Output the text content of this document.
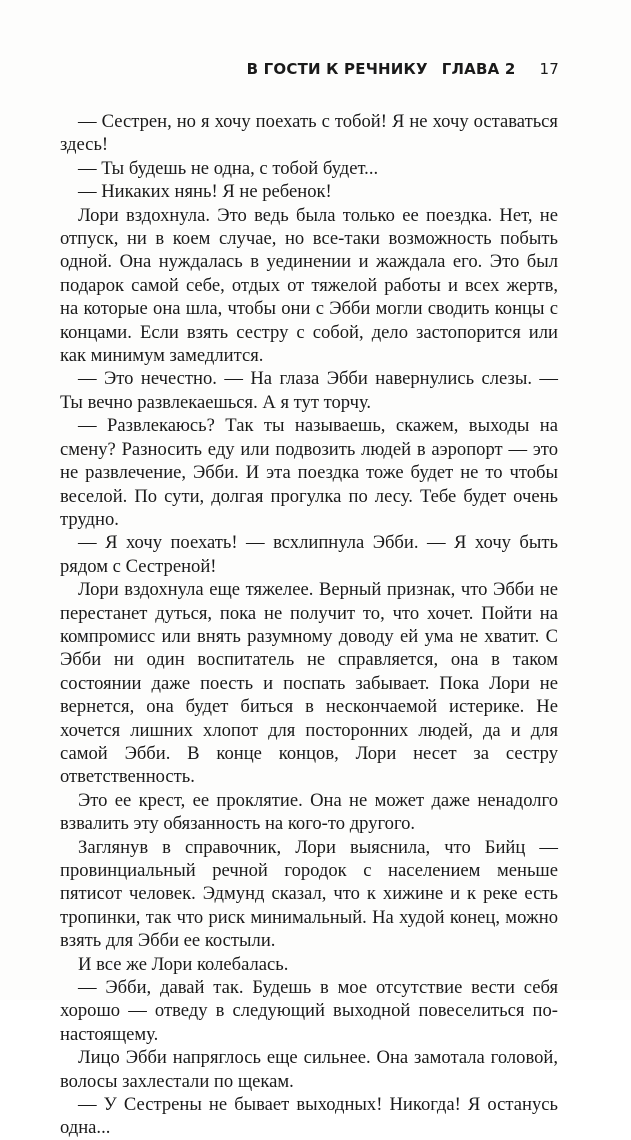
В ГОСТИ К РЕЧНИКУ ГЛАВА 2 17

— Сестрен, но я хочу поехать с тобой! Я не хочу оставаться здесь!

— Ты будешь не одна, с тобой будет...

— Никаких нянь! Я не ребенок!

Лори вздохнула. Это ведь была только ее поездка. Нет, не отпуск, ни в коем случае, но все-таки возможность побыть одной. Она нуждалась в уединении и жаждала его. Это был подарок самой себе, отдых от тяжелой работы и всех жертв, на которые она шла, чтобы они с Эбби могли сводить концы с концами. Если взять сестру с собой, дело застопорится или как минимум замедлится.

— Это нечестно. — На глаза Эбби навернулись слезы. — Ты вечно развлекаешься. А я тут торчу.

— Развлекаюсь? Так ты называешь, скажем, выходы на смену? Разносить еду или подвозить людей в аэропорт — это не развлечение, Эбби. И эта поездка тоже будет не то чтобы веселой. По сути, долгая прогулка по лесу. Тебе будет очень трудно.

— Я хочу поехать! — всхлипнула Эбби. — Я хочу быть рядом с Сестреной!

Лори вздохнула еще тяжелее. Верный признак, что Эбби не перестанет дуться, пока не получит то, что хочет. Пойти на компромисс или внять разумному доводу ей ума не хватит. С Эбби ни один воспитатель не справляется, она в таком состоянии даже поесть и поспать забывает. Пока Лори не вернется, она будет биться в нескончаемой истерике. Не хочется лишних хлопот для посторонних людей, да и для самой Эбби. В конце концов, Лори несет за сестру ответственность.

Это ее крест, ее проклятие. Она не может даже ненадолго взвалить эту обязанность на кого-то другого.

Заглянув в справочник, Лори выяснила, что Бийц — провинциальный речной городок с населением меньше пятисот человек. Эдмунд сказал, что к хижине и к реке есть тропинки, так что риск минимальный. На худой конец, можно взять для Эбби ее костыли.

И все же Лори колебалась.

— Эбби, давай так. Будешь в мое отсутствие вести себя хорошо — отведу в следующий выходной повеселиться по-настоящему.

Лицо Эбби напряглось еще сильнее. Она замотала головой, волосы захлестали по щекам.

— У Сестрены не бывает выходных! Никогда! Я останусь одна...
